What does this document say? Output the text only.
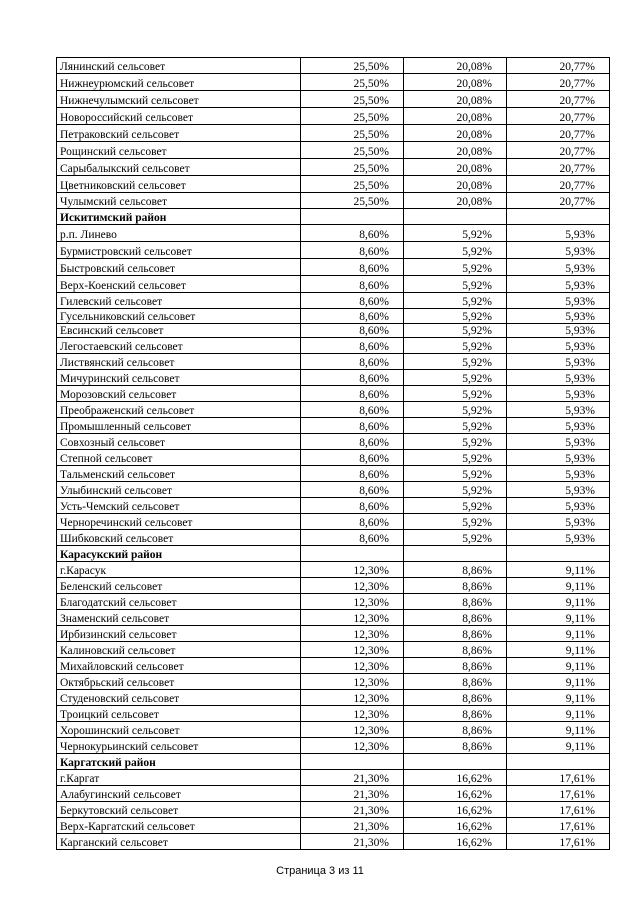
Лянинский сельсовет	25,50%	20,08%	20,77%
Нижнеурюмский сельсовет	25,50%	20,08%	20,77%
Нижнечулымский сельсовет	25,50%	20,08%	20,77%
Новороссийский сельсовет	25,50%	20,08%	20,77%
Петраковский сельсовет	25,50%	20,08%	20,77%
Рощинский сельсовет	25,50%	20,08%	20,77%
Сарыбалыкский сельсовет	25,50%	20,08%	20,77%
Цветниковский сельсовет	25,50%	20,08%	20,77%
Чулымский сельсовет	25,50%	20,08%	20,77%
Искитимский район			
р.п. Линево	8,60%	5,92%	5,93%
Бурмистровский сельсовет	8,60%	5,92%	5,93%
Быстровский сельсовет	8,60%	5,92%	5,93%
Верх-Коенский сельсовет	8,60%	5,92%	5,93%
Гилевский сельсовет	8,60%	5,92%	5,93%
Гусельниковский сельсовет	8,60%	5,92%	5,93%
Евсинский сельсовет	8,60%	5,92%	5,93%
Легостаевский сельсовет	8,60%	5,92%	5,93%
Листвянский сельсовет	8,60%	5,92%	5,93%
Мичуринский сельсовет	8,60%	5,92%	5,93%
Морозовский сельсовет	8,60%	5,92%	5,93%
Преображенский сельсовет	8,60%	5,92%	5,93%
Промышленный сельсовет	8,60%	5,92%	5,93%
Совхозный сельсовет	8,60%	5,92%	5,93%
Степной сельсовет	8,60%	5,92%	5,93%
Тальменский сельсовет	8,60%	5,92%	5,93%
Улыбинский сельсовет	8,60%	5,92%	5,93%
Усть-Чемский сельсовет	8,60%	5,92%	5,93%
Черноречинский сельсовет	8,60%	5,92%	5,93%
Шибковский сельсовет	8,60%	5,92%	5,93%
Карасукский район			
г.Карасук	12,30%	8,86%	9,11%
Беленский сельсовет	12,30%	8,86%	9,11%
Благодатский сельсовет	12,30%	8,86%	9,11%
Знаменский сельсовет	12,30%	8,86%	9,11%
Ирбизинский сельсовет	12,30%	8,86%	9,11%
Калиновский сельсовет	12,30%	8,86%	9,11%
Михайловский сельсовет	12,30%	8,86%	9,11%
Октябрьский сельсовет	12,30%	8,86%	9,11%
Студеновский сельсовет	12,30%	8,86%	9,11%
Троицкий сельсовет	12,30%	8,86%	9,11%
Хорошинский сельсовет	12,30%	8,86%	9,11%
Чернокурьинский сельсовет	12,30%	8,86%	9,11%
Каргатский район			
г.Каргат	21,30%	16,62%	17,61%
Алабугинский сельсовет	21,30%	16,62%	17,61%
Беркутовский сельсовет	21,30%	16,62%	17,61%
Верх-Каргатский сельсовет	21,30%	16,62%	17,61%
Карганский сельсовет	21,30%	16,62%	17,61%
Страница 3 из 11
